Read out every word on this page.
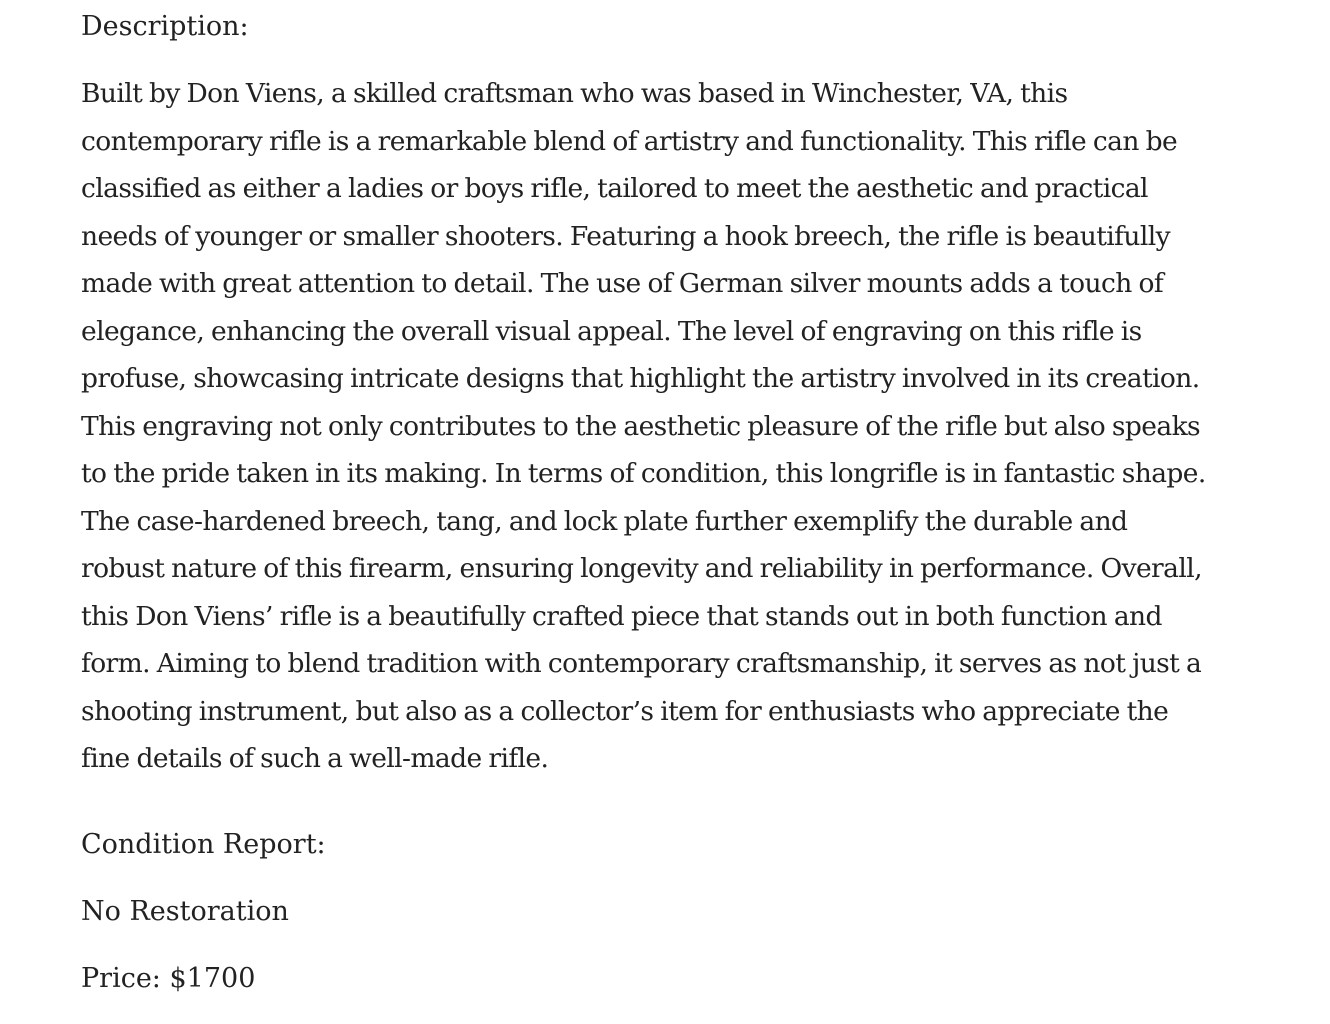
Description:

Built by Don Viens, a skilled craftsman who was based in Winchester, VA, this contemporary rifle is a remarkable blend of artistry and functionality. This rifle can be classified as either a ladies or boys rifle, tailored to meet the aesthetic and practical needs of younger or smaller shooters. Featuring a hook breech, the rifle is beautifully made with great attention to detail. The use of German silver mounts adds a touch of elegance, enhancing the overall visual appeal. The level of engraving on this rifle is profuse, showcasing intricate designs that highlight the artistry involved in its creation. This engraving not only contributes to the aesthetic pleasure of the rifle but also speaks to the pride taken in its making. In terms of condition, this longrifle is in fantastic shape. The case-hardened breech, tang, and lock plate further exemplify the durable and robust nature of this firearm, ensuring longevity and reliability in performance. Overall, this Don Viens’ rifle is a beautifully crafted piece that stands out in both function and form. Aiming to blend tradition with contemporary craftsmanship, it serves as not just a shooting instrument, but also as a collector’s item for enthusiasts who appreciate the fine details of such a well-made rifle.

Condition Report:

No Restoration

Price: $1700
